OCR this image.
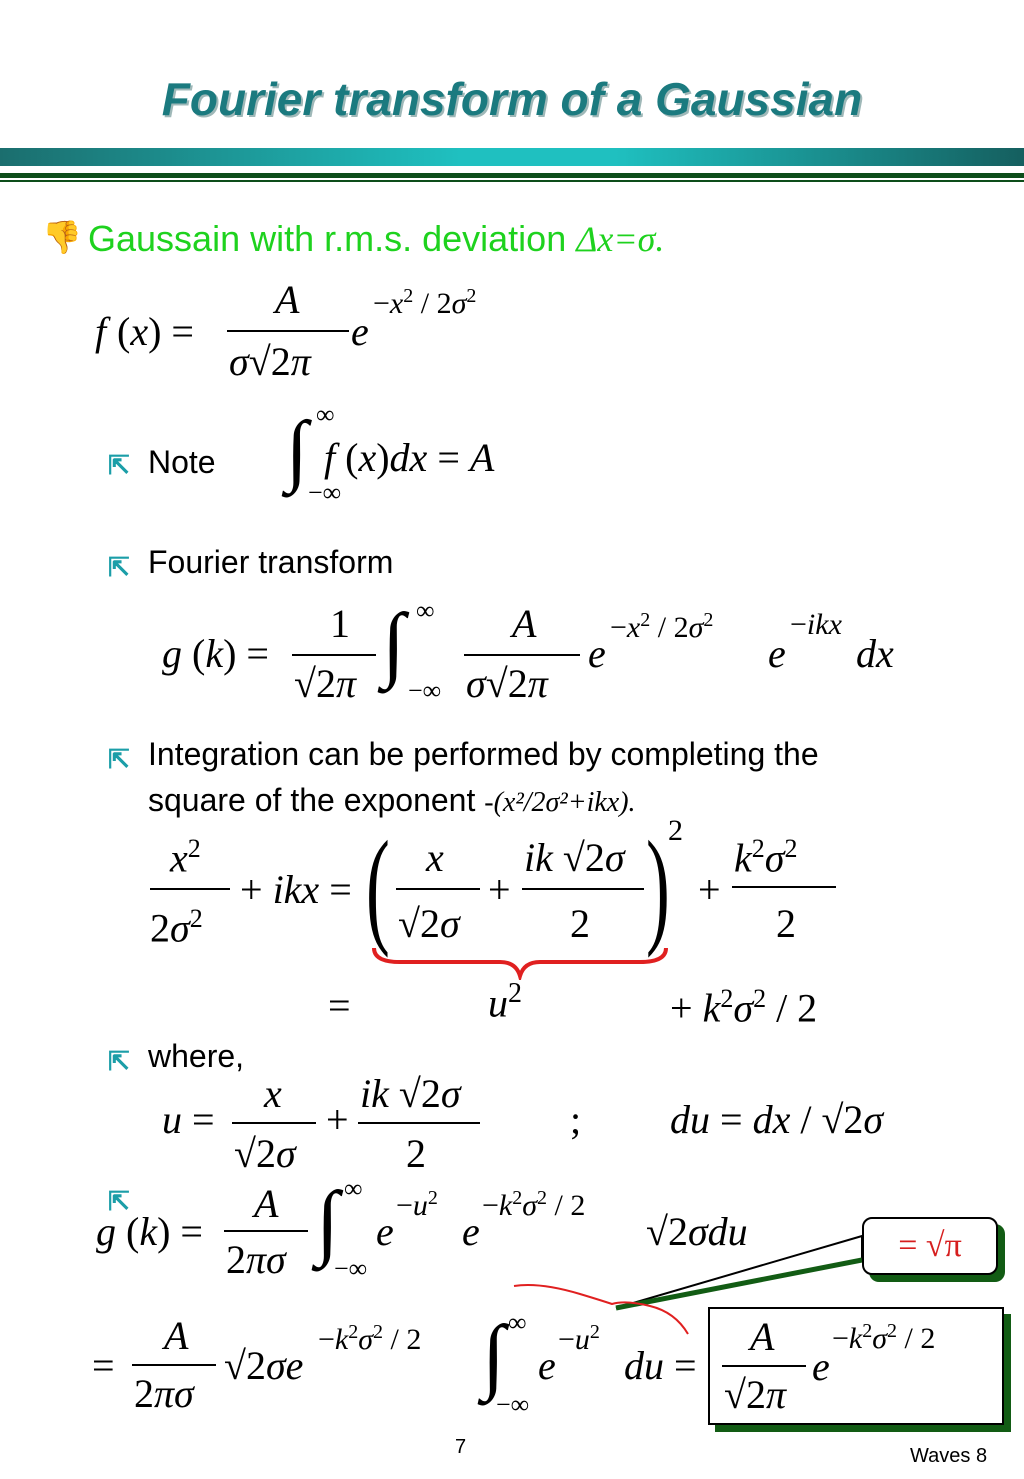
Fourier transform of a Gaussian
👎 Gaussain with r.m.s. deviation Δx=σ.
f (x) =
A
σ√2π
e
$-x^2 / 2\sigma^2$
⇱ Note ∫ ∞
−∞
f (x)dx = A
⇱ Fourier transform
g (k) =
1
√2π ∫ ∞
−∞
A
σ√2π
e
$-x^2 / 2\sigma^2$
e
−ikx
dx
⇱ Integration can be performed by completing the
square of the exponent -(x²/2σ²+ikx).
$x^2$
$2\sigma^2$
+ ikx = ( x
√2σ
+
ik √2σ
2 )
2
+
$k^2\sigma^2$
2
=	$u^2$	+ $k^2\sigma^2 / 2$
⇱ where,
u =
x
√2σ
+
ik √2σ
2
; du = dx / √2σ
⇱
g (k) =
A
2πσ ∫ ∞
−∞
e
$-u^2$
e
$-k^2\sigma^2 / 2$
√2σdu	= √π
=
A
2πσ
√2σe
$-k^2\sigma^2 / 2$ ∫ ∞
−∞
e
$-u^2$
du =
A
√2π
e
$-k^2\sigma^2 / 2$
7	Waves 8
